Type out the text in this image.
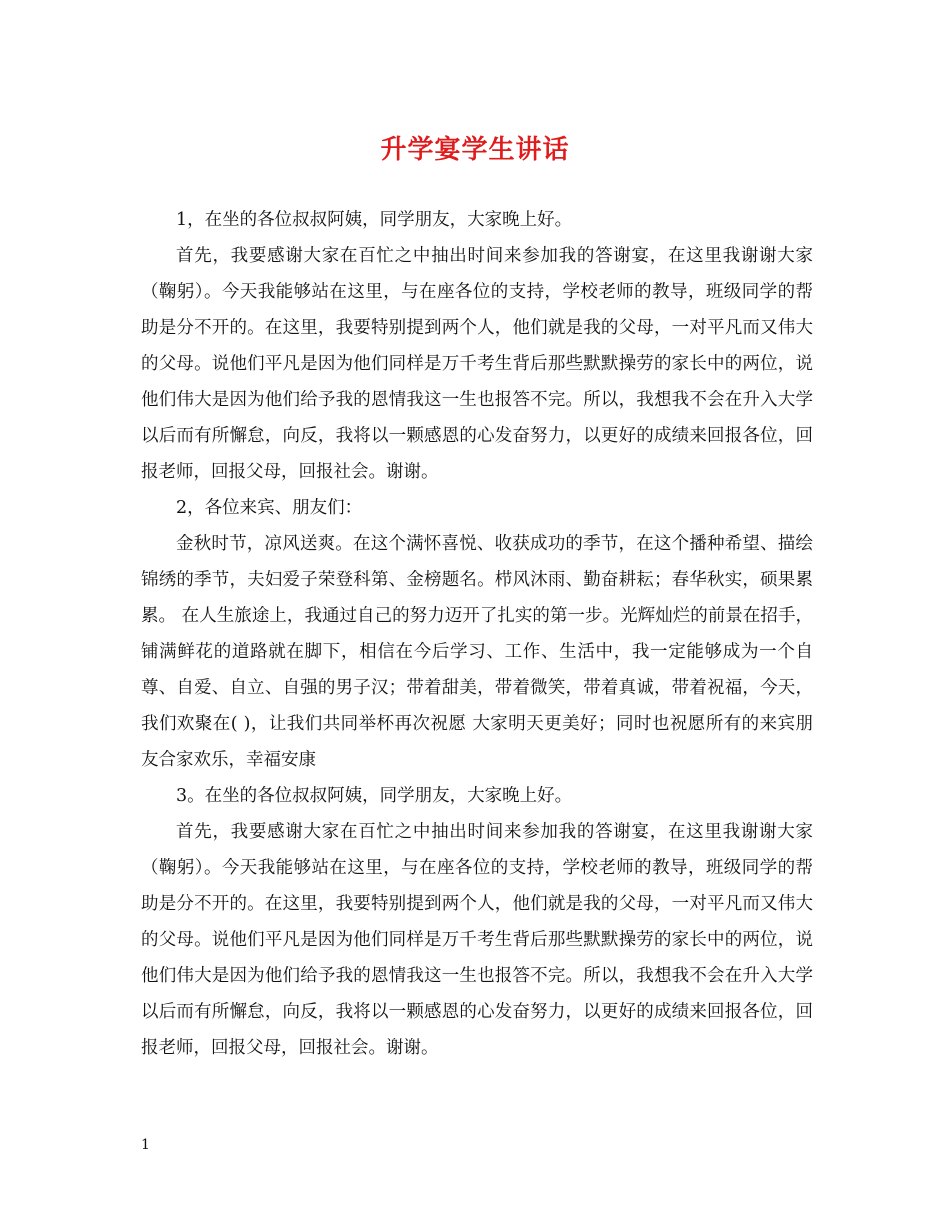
升学宴学生讲话

1，在坐的各位叔叔阿姨，同学朋友，大家晚上好。

首先，我要感谢大家在百忙之中抽出时间来参加我的答谢宴，在这里我谢谢大家（鞠躬）。今天我能够站在这里，与在座各位的支持，学校老师的教导，班级同学的帮助是分不开的。在这里，我要特别提到两个人，他们就是我的父母，一对平凡而又伟大的父母。说他们平凡是因为他们同样是万千考生背后那些默默操劳的家长中的两位，说他们伟大是因为他们给予我的恩情我这一生也报答不完。所以，我想我不会在升入大学以后而有所懈怠，向反，我将以一颗感恩的心发奋努力，以更好的成绩来回报各位，回报老师，回报父母，回报社会。谢谢。

2，各位来宾、朋友们：

金秋时节，凉风送爽。在这个满怀喜悦、收获成功的季节，在这个播种希望、描绘锦绣的季节，夫妇爱子荣登科第、金榜题名。栉风沐雨、勤奋耕耘；春华秋实，硕果累累。 在人生旅途上，我通过自己的努力迈开了扎实的第一步。光辉灿烂的前景在招手，铺满鲜花的道路就在脚下，相信在今后学习、工作、生活中，我一定能够成为一个自尊、自爱、自立、自强的男子汉；带着甜美，带着微笑，带着真诚，带着祝福，今天，我们欢聚在( )，让我们共同举杯再次祝愿 大家明天更美好；同时也祝愿所有的来宾朋友合家欢乐，幸福安康

3。在坐的各位叔叔阿姨，同学朋友，大家晚上好。

首先，我要感谢大家在百忙之中抽出时间来参加我的答谢宴，在这里我谢谢大家（鞠躬）。今天我能够站在这里，与在座各位的支持，学校老师的教导，班级同学的帮助是分不开的。在这里，我要特别提到两个人，他们就是我的父母，一对平凡而又伟大的父母。说他们平凡是因为他们同样是万千考生背后那些默默操劳的家长中的两位，说他们伟大是因为他们给予我的恩情我这一生也报答不完。所以，我想我不会在升入大学以后而有所懈怠，向反，我将以一颗感恩的心发奋努力，以更好的成绩来回报各位，回报老师，回报父母，回报社会。谢谢。

1
